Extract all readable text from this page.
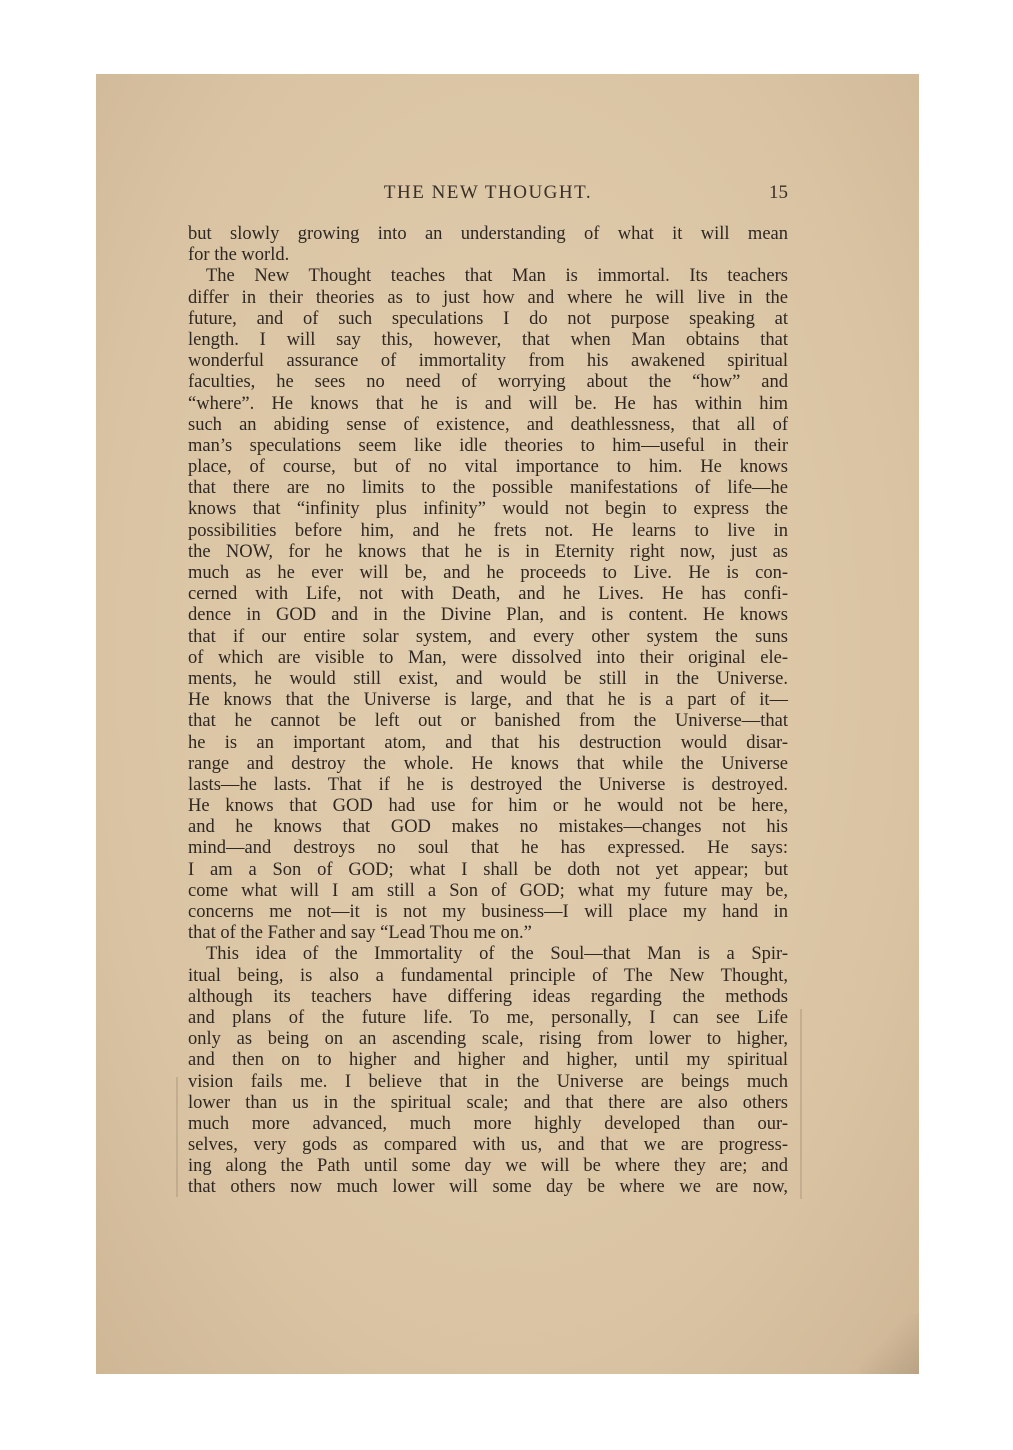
THE NEW THOUGHT.	15
but slowly growing into an understanding of what it will mean
for the world.
The New Thought teaches that Man is immortal. Its teachers
differ in their theories as to just how and where he will live in the
future, and of such speculations I do not purpose speaking at
length. I will say this, however, that when Man obtains that
wonderful assurance of immortality from his awakened spiritual
faculties, he sees no need of worrying about the “how” and
“where”. He knows that he is and will be. He has within him
such an abiding sense of existence, and deathlessness, that all of
man’s speculations seem like idle theories to him—useful in their
place, of course, but of no vital importance to him. He knows
that there are no limits to the possible manifestations of life—he
knows that “infinity plus infinity” would not begin to express the
possibilities before him, and he frets not. He learns to live in
the NOW, for he knows that he is in Eternity right now, just as
much as he ever will be, and he proceeds to Live. He is con-
cerned with Life, not with Death, and he Lives. He has confi-
dence in GOD and in the Divine Plan, and is content. He knows
that if our entire solar system, and every other system the suns
of which are visible to Man, were dissolved into their original ele-
ments, he would still exist, and would be still in the Universe.
He knows that the Universe is large, and that he is a part of it—
that he cannot be left out or banished from the Universe—that
he is an important atom, and that his destruction would disar-
range and destroy the whole. He knows that while the Universe
lasts—he lasts. That if he is destroyed the Universe is destroyed.
He knows that GOD had use for him or he would not be here,
and he knows that GOD makes no mistakes—changes not his
mind—and destroys no soul that he has expressed. He says:
I am a Son of GOD; what I shall be doth not yet appear; but
come what will I am still a Son of GOD; what my future may be,
concerns me not—it is not my business—I will place my hand in
that of the Father and say “Lead Thou me on.”
This idea of the Immortality of the Soul—that Man is a Spir-
itual being, is also a fundamental principle of The New Thought,
although its teachers have differing ideas regarding the methods
and plans of the future life. To me, personally, I can see Life
only as being on an ascending scale, rising from lower to higher,
and then on to higher and higher and higher, until my spiritual
vision fails me. I believe that in the Universe are beings much
lower than us in the spiritual scale; and that there are also others
much more advanced, much more highly developed than our-
selves, very gods as compared with us, and that we are progress-
ing along the Path until some day we will be where they are; and
that others now much lower will some day be where we are now,
